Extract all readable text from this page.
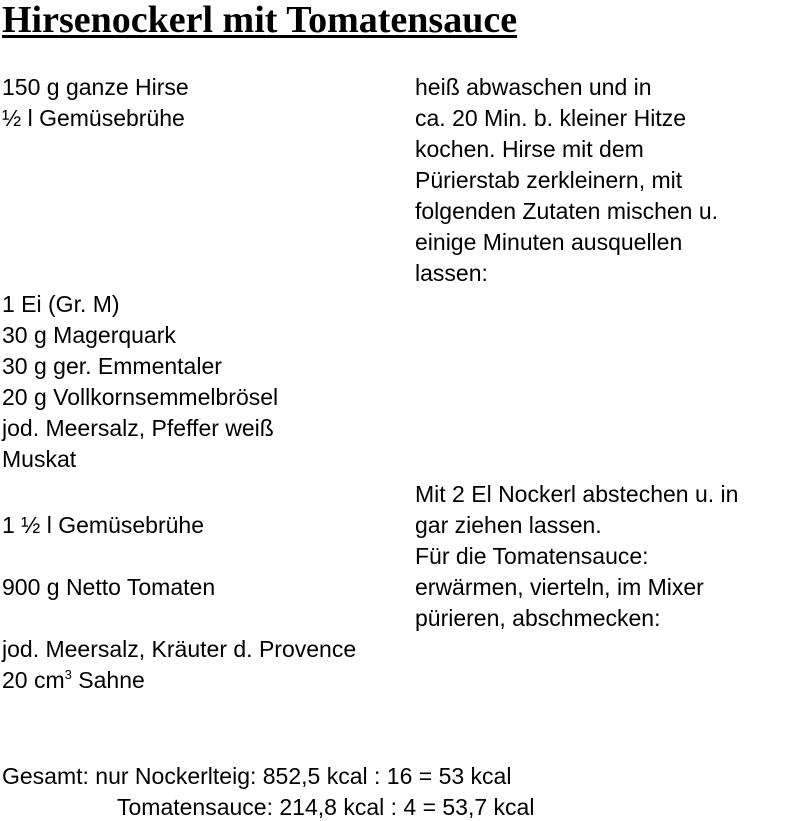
Hirsenockerl mit Tomatensauce
150 g ganze Hirse
½ l Gemüsebrühe
1 Ei (Gr. M)
30 g Magerquark
30 g ger. Emmentaler
20 g Vollkornsemmelbrösel
jod. Meersalz, Pfeffer weiß
Muskat
1 ½ l Gemüsebrühe
900 g Netto Tomaten
jod. Meersalz, Kräuter d. Provence
20 $cm^3$ Sahne
heiß abwaschen und in
ca. 20 Min. b. kleiner Hitze
kochen. Hirse mit dem
Pürierstab zerkleinern, mit
folgenden Zutaten mischen u.
einige Minuten ausquellen
lassen:
Mit 2 El Nockerl abstechen u. in
gar ziehen lassen.
Für die Tomatensauce:
erwärmen, vierteln, im Mixer
pürieren, abschmecken:
Gesamt: nur Nockerlteig: 852,5 kcal : 16 = 53 kcal
Tomatensauce: 214,8 kcal : 4 = 53,7 kcal
